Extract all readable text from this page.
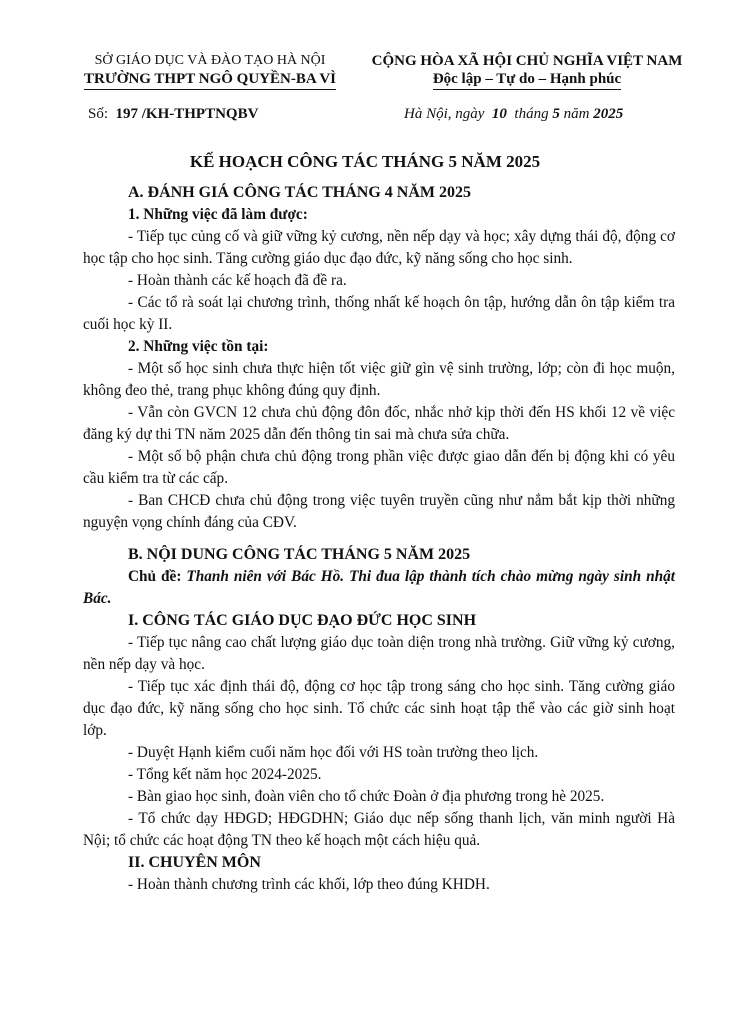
SỞ GIÁO DỤC VÀ ĐÀO TẠO HÀ NỘI
TRƯỜNG THPT NGÔ QUYỀN-BA VÌ
CỘNG HÒA XÃ HỘI CHỦ NGHĨA VIỆT NAM
Độc lập – Tự do – Hạnh phúc
Số: 197 /KH-THPTNQBV	Hà Nội, ngày 10 tháng 5 năm 2025
KẾ HOẠCH CÔNG TÁC THÁNG 5 NĂM 2025

A. ĐÁNH GIÁ CÔNG TÁC THÁNG 4 NĂM 2025

1. Những việc đã làm được:

- Tiếp tục củng cố và giữ vững kỷ cương, nền nếp dạy và học; xây dựng thái độ, động cơ học tập cho học sinh. Tăng cường giáo dục đạo đức, kỹ năng sống cho học sinh.

- Hoàn thành các kế hoạch đã đề ra.

- Các tổ rà soát lại chương trình, thống nhất kế hoạch ôn tập, hướng dẫn ôn tập kiểm tra cuối học kỳ II.

2. Những việc tồn tại:

- Một số học sinh chưa thực hiện tốt việc giữ gìn vệ sinh trường, lớp; còn đi học muộn, không đeo thẻ, trang phục không đúng quy định.

- Vẫn còn GVCN 12 chưa chủ động đôn đốc, nhắc nhở kịp thời đến HS khối 12 về việc đăng ký dự thi TN năm 2025 dẫn đến thông tin sai mà chưa sửa chữa.

- Một số bộ phận chưa chủ động trong phần việc được giao dẫn đến bị động khi có yêu cầu kiểm tra từ các cấp.

- Ban CHCĐ chưa chủ động trong việc tuyên truyền cũng như nắm bắt kịp thời những nguyện vọng chính đáng của CĐV.

B. NỘI DUNG CÔNG TÁC THÁNG 5 NĂM 2025

Chủ đề: Thanh niên với Bác Hồ. Thi đua lập thành tích chào mừng ngày sinh nhật Bác.

I. CÔNG TÁC GIÁO DỤC ĐẠO ĐỨC HỌC SINH

- Tiếp tục nâng cao chất lượng giáo dục toàn diện trong nhà trường. Giữ vững kỷ cương, nền nếp dạy và học.

- Tiếp tục xác định thái độ, động cơ học tập trong sáng cho học sinh. Tăng cường giáo dục đạo đức, kỹ năng sống cho học sinh. Tổ chức các sinh hoạt tập thể vào các giờ sinh hoạt lớp.

- Duyệt Hạnh kiểm cuối năm học đối với HS toàn trường theo lịch.

- Tổng kết năm học 2024-2025.

- Bàn giao học sinh, đoàn viên cho tổ chức Đoàn ở địa phương trong hè 2025.

- Tổ chức dạy HĐGD; HĐGDHN; Giáo dục nếp sống thanh lịch, văn minh người Hà Nội; tổ chức các hoạt động TN theo kế hoạch một cách hiệu quả.

II. CHUYÊN MÔN

- Hoàn thành chương trình các khối, lớp theo đúng KHDH.
